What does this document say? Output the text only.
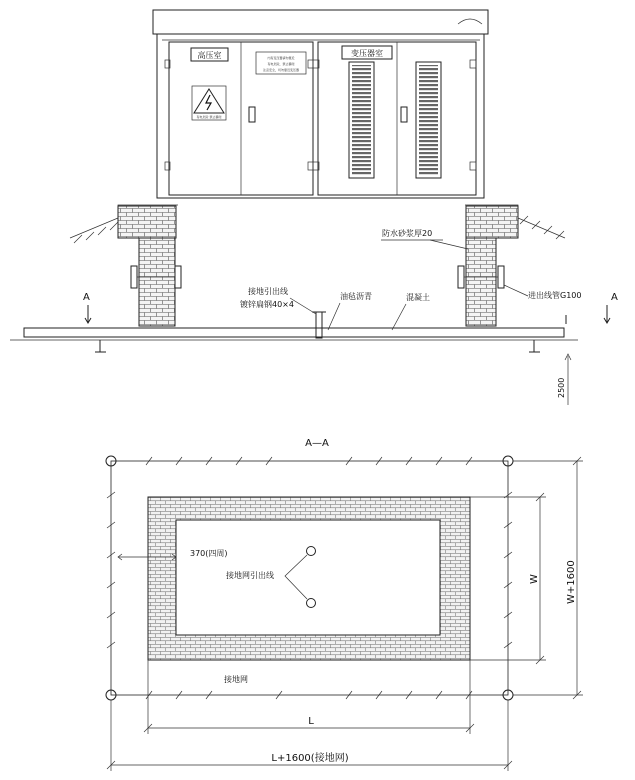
高压室
有电危险 禁止攀爬
内有变压器请勿靠近
有电危险，禁止攀爬
注意安全，切勿靠近变压器
变压器室
防水砂浆厚20
接地引出线
镀锌扁钢40×4
油毡沥青	混凝土	进出线管G100
A	A
2500
A—A
370(四周)
接地网引出线
接地网
W	W+1600
L
L+1600(接地网)
